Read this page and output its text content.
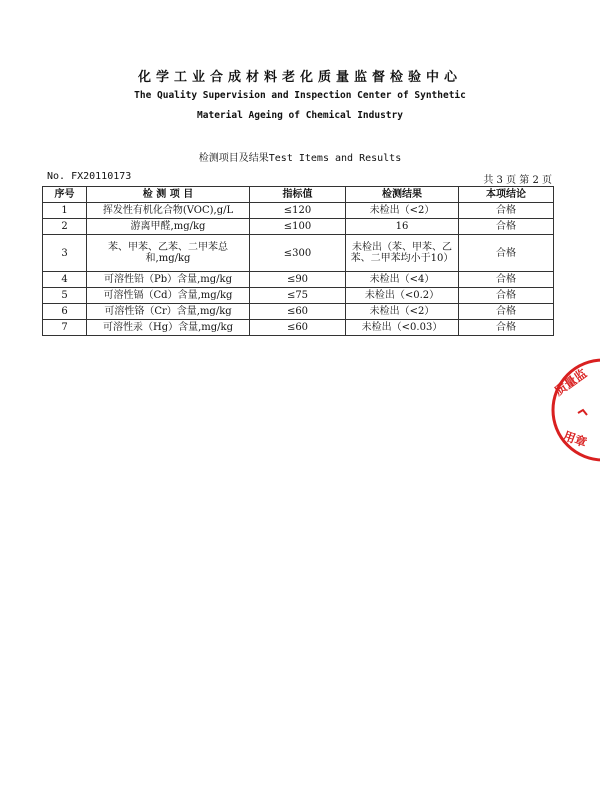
化学工业合成材料老化质量监督检验中心
The Quality Supervision and Inspection Center of Synthetic
Material Ageing of Chemical Industry
检测项目及结果Test Items and Results
No. FX20110173	共 3 页 第 2 页
序号	检 测 项 目	指标值	检测结果	本项结论
1	挥发性有机化合物(VOC),g/L	≤120	未检出（<2）	合格
2	游离甲醛,mg/kg	≤100	16	合格
3	苯、甲苯、乙苯、二甲苯总和,mg/kg	≤300	未检出（苯、甲苯、乙苯、二甲苯均小于10）	合格
4	可溶性铅（Pb）含量,mg/kg	≤90	未检出（<4）	合格
5	可溶性镉（Cd）含量,mg/kg	≤75	未检出（<0.2）	合格
6	可溶性铬（Cr）含量,mg/kg	≤60	未检出（<2）	合格
7	可溶性汞（Hg）含量,mg/kg	≤60	未检出（<0.03）	合格
质量监
用章
